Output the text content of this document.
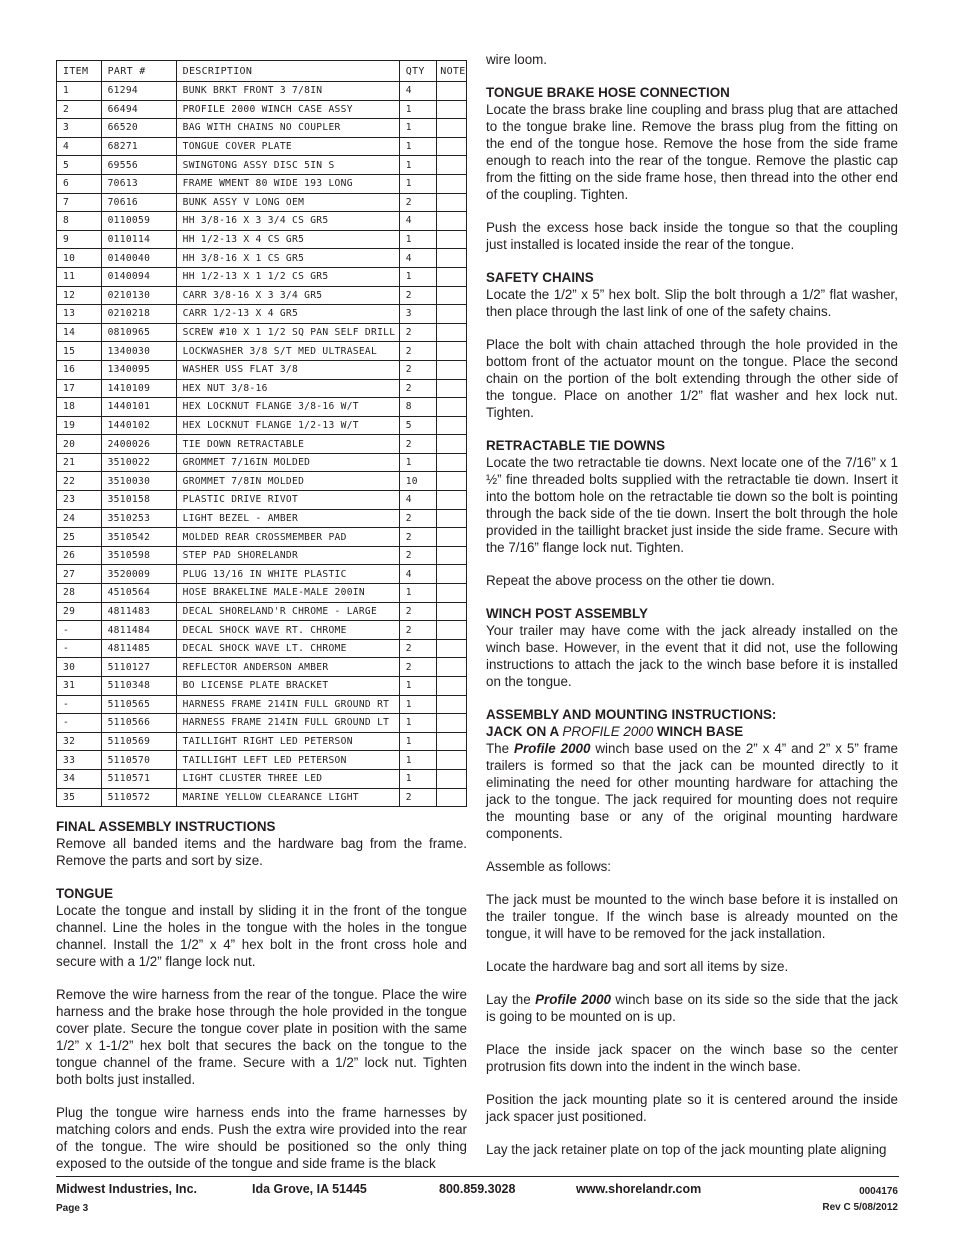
ITEM	PART #	DESCRIPTION	QTY	NOTE
1	61294	BUNK BRKT FRONT 3 7/8IN	4	
2	66494	PROFILE 2000 WINCH CASE ASSY	1	
3	66520	BAG WITH CHAINS NO COUPLER	1	
4	68271	TONGUE COVER PLATE	1	
5	69556	SWINGTONG ASSY DISC 5IN S	1	
6	70613	FRAME WMENT 80 WIDE 193 LONG	1	
7	70616	BUNK ASSY V LONG OEM	2	
8	0110059	HH 3/8-16 X 3 3/4 CS GR5	4	
9	0110114	HH 1/2-13 X 4 CS GR5	1	
10	0140040	HH 3/8-16 X 1 CS GR5	4	
11	0140094	HH 1/2-13 X 1 1/2 CS GR5	1	
12	0210130	CARR 3/8-16 X 3 3/4 GR5	2	
13	0210218	CARR 1/2-13 X 4 GR5	3	
14	0810965	SCREW #10 X 1 1/2 SQ PAN SELF DRILL	2	
15	1340030	LOCKWASHER 3/8 S/T MED ULTRASEAL	2	
16	1340095	WASHER USS FLAT 3/8	2	
17	1410109	HEX NUT 3/8-16	2	
18	1440101	HEX LOCKNUT FLANGE 3/8-16 W/T	8	
19	1440102	HEX LOCKNUT FLANGE 1/2-13 W/T	5	
20	2400026	TIE DOWN RETRACTABLE	2	
21	3510022	GROMMET 7/16IN MOLDED	1	
22	3510030	GROMMET 7/8IN MOLDED	10	
23	3510158	PLASTIC DRIVE RIVOT	4	
24	3510253	LIGHT BEZEL - AMBER	2	
25	3510542	MOLDED REAR CROSSMEMBER PAD	2	
26	3510598	STEP PAD SHORELANDR	2	
27	3520009	PLUG 13/16 IN WHITE PLASTIC	4	
28	4510564	HOSE BRAKELINE MALE-MALE 200IN	1	
29	4811483	DECAL SHORELAND'R CHROME - LARGE	2	
-	4811484	DECAL SHOCK WAVE RT. CHROME	2	
-	4811485	DECAL SHOCK WAVE LT. CHROME	2	
30	5110127	REFLECTOR ANDERSON AMBER	2	
31	5110348	BO LICENSE PLATE BRACKET	1	
-	5110565	HARNESS FRAME 214IN FULL GROUND RT	1	
-	5110566	HARNESS FRAME 214IN FULL GROUND LT	1	
32	5110569	TAILLIGHT RIGHT LED PETERSON	1	
33	5110570	TAILLIGHT LEFT LED PETERSON	1	
34	5110571	LIGHT CLUSTER THREE LED	1	
35	5110572	MARINE YELLOW CLEARANCE LIGHT	2	
FINAL ASSEMBLY INSTRUCTIONS

Remove all banded items and the hardware bag from the frame. Remove the parts and sort by size.

TONGUE

Locate the tongue and install by sliding it in the front of the tongue channel. Line the holes in the tongue with the holes in the tongue channel. Install the 1/2” x 4” hex bolt in the front cross hole and secure with a 1/2” flange lock nut.

Remove the wire harness from the rear of the tongue. Place the wire harness and the brake hose through the hole provided in the tongue cover plate. Secure the tongue cover plate in position with the same 1/2” x 1-1/2” hex bolt that secures the back on the tongue to the tongue channel of the frame. Secure with a 1/2” lock nut. Tighten both bolts just installed.

Plug the tongue wire harness ends into the frame harnesses by matching colors and ends. Push the extra wire provided into the rear of the tongue. The wire should be positioned so the only thing exposed to the outside of the tongue and side frame is the black

wire loom.

TONGUE BRAKE HOSE CONNECTION

Locate the brass brake line coupling and brass plug that are attached to the tongue brake line. Remove the brass plug from the fitting on the end of the tongue hose. Remove the hose from the side frame enough to reach into the rear of the tongue. Remove the plastic cap from the fitting on the side frame hose, then thread into the other end of the coupling. Tighten.

Push the excess hose back inside the tongue so that the coupling just installed is located inside the rear of the tongue.

SAFETY CHAINS

Locate the 1/2” x 5” hex bolt. Slip the bolt through a 1/2” flat washer, then place through the last link of one of the safety chains.

Place the bolt with chain attached through the hole provided in the bottom front of the actuator mount on the tongue. Place the second chain on the portion of the bolt extending through the other side of the tongue. Place on another 1/2” flat washer and hex lock nut. Tighten.

RETRACTABLE TIE DOWNS

Locate the two retractable tie downs. Next locate one of the 7/16” x 1 ½” fine threaded bolts supplied with the retractable tie down. Insert it into the bottom hole on the retractable tie down so the bolt is pointing through the back side of the tie down. Insert the bolt through the hole provided in the taillight bracket just inside the side frame. Secure with the 7/16” flange lock nut. Tighten.

Repeat the above process on the other tie down.

WINCH POST ASSEMBLY

Your trailer may have come with the jack already installed on the winch base. However, in the event that it did not, use the following instructions to attach the jack to the winch base before it is installed on the tongue.

ASSEMBLY AND MOUNTING INSTRUCTIONS:
JACK ON A PROFILE 2000 WINCH BASE

The Profile 2000 winch base used on the 2” x 4” and 2” x 5” frame trailers is formed so that the jack can be mounted directly to it eliminating the need for other mounting hardware for attaching the jack to the tongue. The jack required for mounting does not require the mounting base or any of the original mounting hardware components.

Assemble as follows:

The jack must be mounted to the winch base before it is installed on the trailer tongue. If the winch base is already mounted on the tongue, it will have to be removed for the jack installation.

Locate the hardware bag and sort all items by size.

Lay the Profile 2000 winch base on its side so the side that the jack is going to be mounted on is up.

Place the inside jack spacer on the winch base so the center protrusion fits down into the indent in the winch base.

Position the jack mounting plate so it is centered around the inside jack spacer just positioned.

Lay the jack retainer plate on top of the jack mounting plate aligning

Midwest Industries, Inc.	Ida Grove, IA 51445	800.859.3028	www.shorelandr.com	0004176
Page 3	Rev C 5/08/2012
